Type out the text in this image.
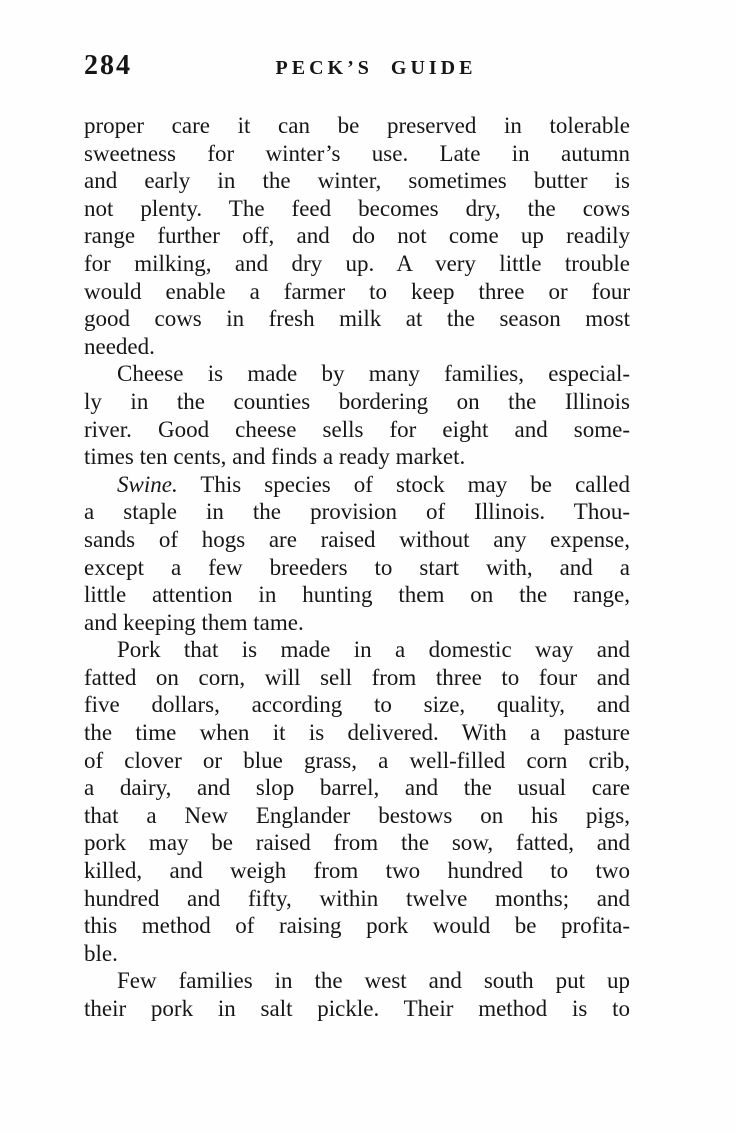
284	PECK’S GUIDE
proper care it can be preserved in tolerable
sweetness for winter’s use. Late in autumn
and early in the winter, sometimes butter is
not plenty. The feed becomes dry, the cows
range further off, and do not come up readily
for milking, and dry up. A very little trouble
would enable a farmer to keep three or four
good cows in fresh milk at the season most
needed.
Cheese is made by many families, especial-
ly in the counties bordering on the Illinois
river. Good cheese sells for eight and some-
times ten cents, and finds a ready market.
Swine. This species of stock may be called
a staple in the provision of Illinois. Thou-
sands of hogs are raised without any expense,
except a few breeders to start with, and a
little attention in hunting them on the range,
and keeping them tame.
Pork that is made in a domestic way and
fatted on corn, will sell from three to four and
five dollars, according to size, quality, and
the time when it is delivered. With a pasture
of clover or blue grass, a well-filled corn crib,
a dairy, and slop barrel, and the usual care
that a New Englander bestows on his pigs,
pork may be raised from the sow, fatted, and
killed, and weigh from two hundred to two
hundred and fifty, within twelve months; and
this method of raising pork would be profita-
ble.
Few families in the west and south put up
their pork in salt pickle. Their method is to
